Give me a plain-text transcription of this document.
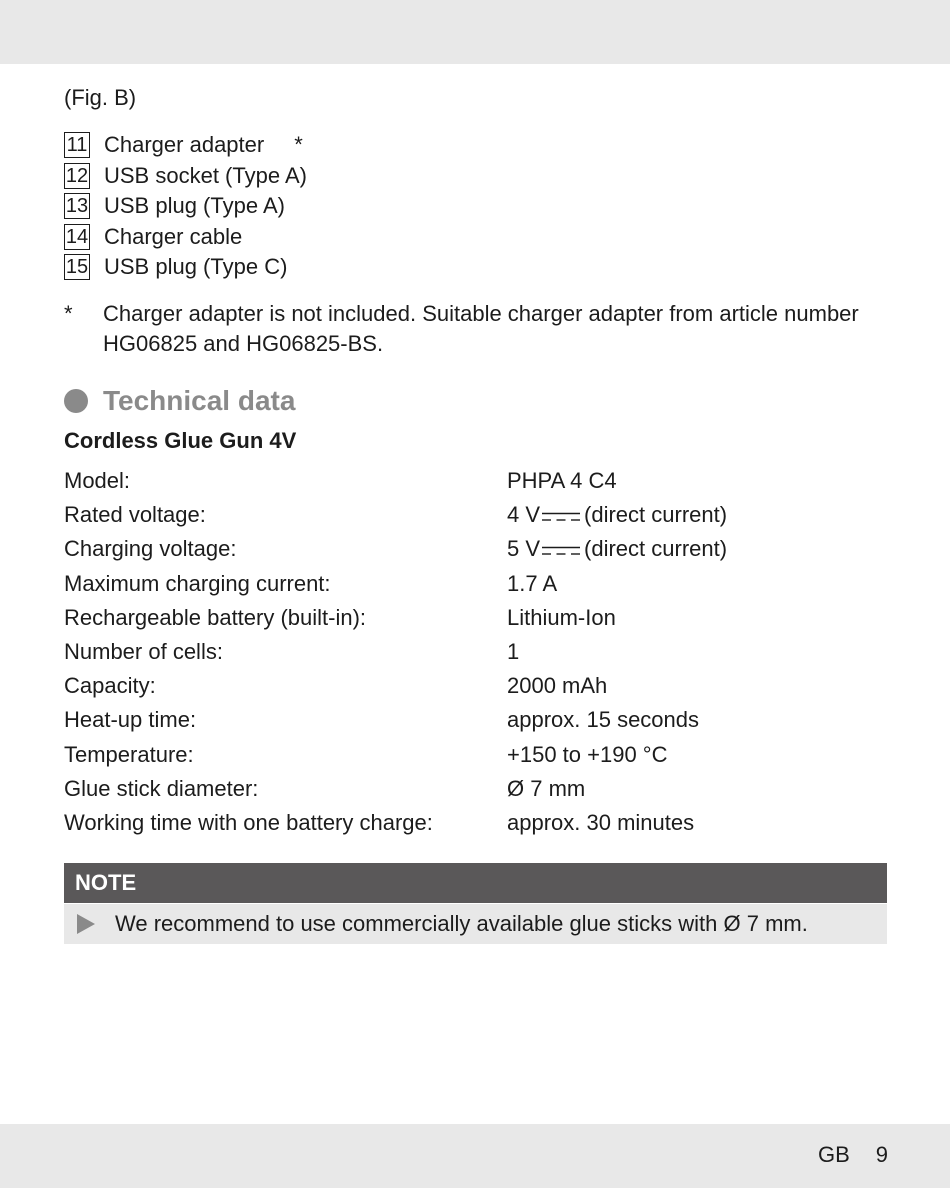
(Fig. B)
11 Charger adapter *
12 USB socket (Type A)
13 USB plug (Type A)
14 Charger cable
15 USB plug (Type C)
*	Charger adapter is not included. Suitable charger adapter from article number HG06825 and HG06825-BS.
Technical data
Cordless Glue Gun 4V
Model:	PHPA 4 C4
Rated voltage:	4 V (direct current)
Charging voltage:	5 V (direct current)
Maximum charging current:	1.7 A
Rechargeable battery (built-in):	Lithium-Ion
Number of cells:	1
Capacity:	2000 mAh
Heat-up time:	approx. 15 seconds
Temperature:	+150 to +190 °C
Glue stick diameter:	Ø 7 mm
Working time with one battery charge:	approx. 30 minutes
NOTE
We recommend to use commercially available glue sticks with Ø 7 mm.
GB 9
